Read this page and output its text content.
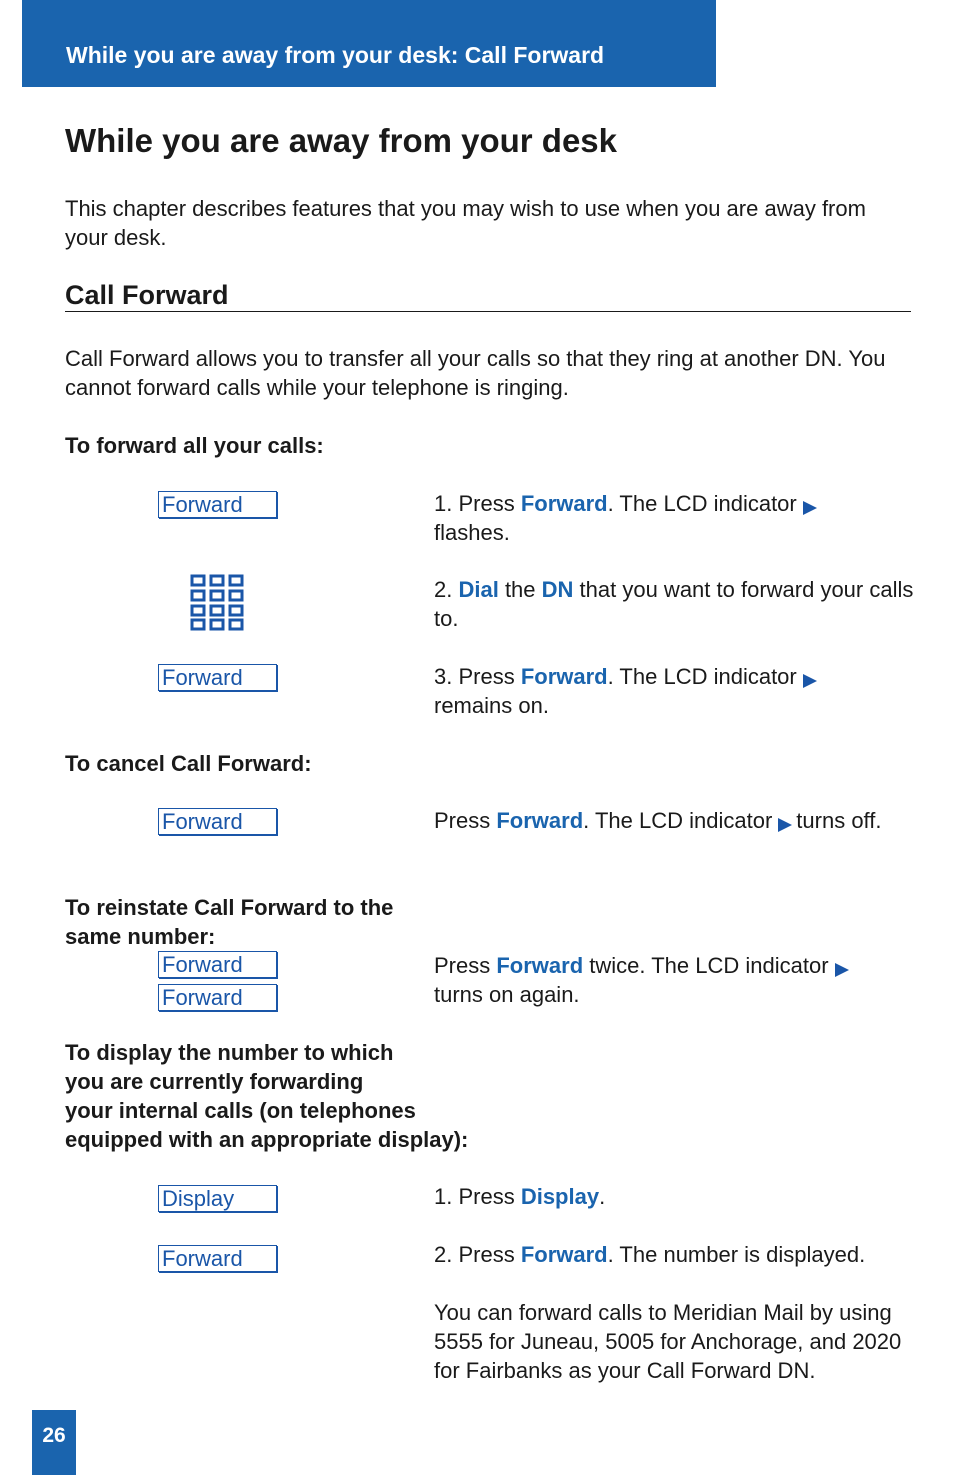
While you are away from your desk: Call Forward
While you are away from your desk

This chapter describes features that you may wish to use when you are away from your desk.

Call Forward

Call Forward allows you to transfer all your calls so that they ring at another DN. You cannot forward calls while your telephone is ringing.

To forward all your calls:

Forward	1. Press Forward. The LCD indicator
flashes.
2. Dial the DN that you want to forward your calls to.
Forward	3. Press Forward. The LCD indicator
remains on.

To cancel Call Forward:

Forward	Press Forward. The LCD indicator turns off.

To reinstate Call Forward to the
same number:

Forward
Forward
Press Forward twice. The LCD indicator
turns on again.

To display the number to which
you are currently forwarding
your internal calls (on telephones
equipped with an appropriate display):

Display	1. Press Display.
Forward	2. Press Forward. The number is displayed.
You can forward calls to Meridian Mail by using 5555 for Juneau, 5005 for Anchorage, and 2020 for Fairbanks as your Call Forward DN.
26
